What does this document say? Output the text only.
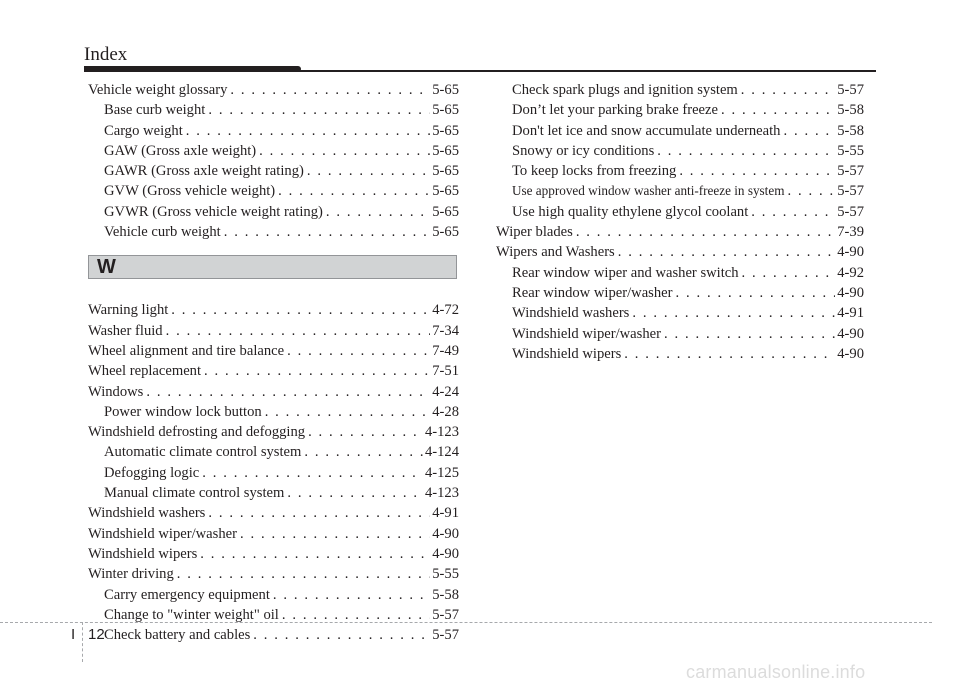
Index
Vehicle weight glossary . . .	5-65
Base curb weight . . .	5-65
Cargo weight . . .	5-65
GAW (Gross axle weight) . . .	5-65
GAWR (Gross axle weight rating) . . .	5-65
GVW (Gross vehicle weight) . . .	5-65
GVWR (Gross vehicle weight rating) . . .	5-65
Vehicle curb weight . . .	5-65
W
Warning light . . .	4-72
Washer fluid . . .	7-34
Wheel alignment and tire balance . . .	7-49
Wheel replacement . . .	7-51
Windows . . .	4-24
Power window lock button . . .	4-28
Windshield defrosting and defogging . . .	4-123
Automatic climate control system . . .	4-124
Defogging logic . . .	4-125
Manual climate control system . . .	4-123
Windshield washers . . .	4-91
Windshield wiper/washer . . .	4-90
Windshield wipers . . .	4-90
Winter driving . . .	5-55
Carry emergency equipment . . .	5-58
Change to "winter weight" oil . . .	5-57
Check battery and cables . . .	5-57
Check spark plugs and ignition system . . .	5-57
Don’t let your parking brake freeze . . .	5-58
Don't let ice and snow accumulate underneath . . .	5-58
Snowy or icy conditions . . .	5-55
To keep locks from freezing . . .	5-57
Use approved window washer anti-freeze in system . . .	5-57
Use high quality ethylene glycol coolant . . .	5-57
Wiper blades . . .	7-39
Wipers and Washers . . .	4-90
Rear window wiper and washer switch . . .	4-92
Rear window wiper/washer . . .	4-90
Windshield washers . . .	4-91
Windshield wiper/washer . . .	4-90
Windshield wipers . . .	4-90
I 12
carmanualsonline.info
